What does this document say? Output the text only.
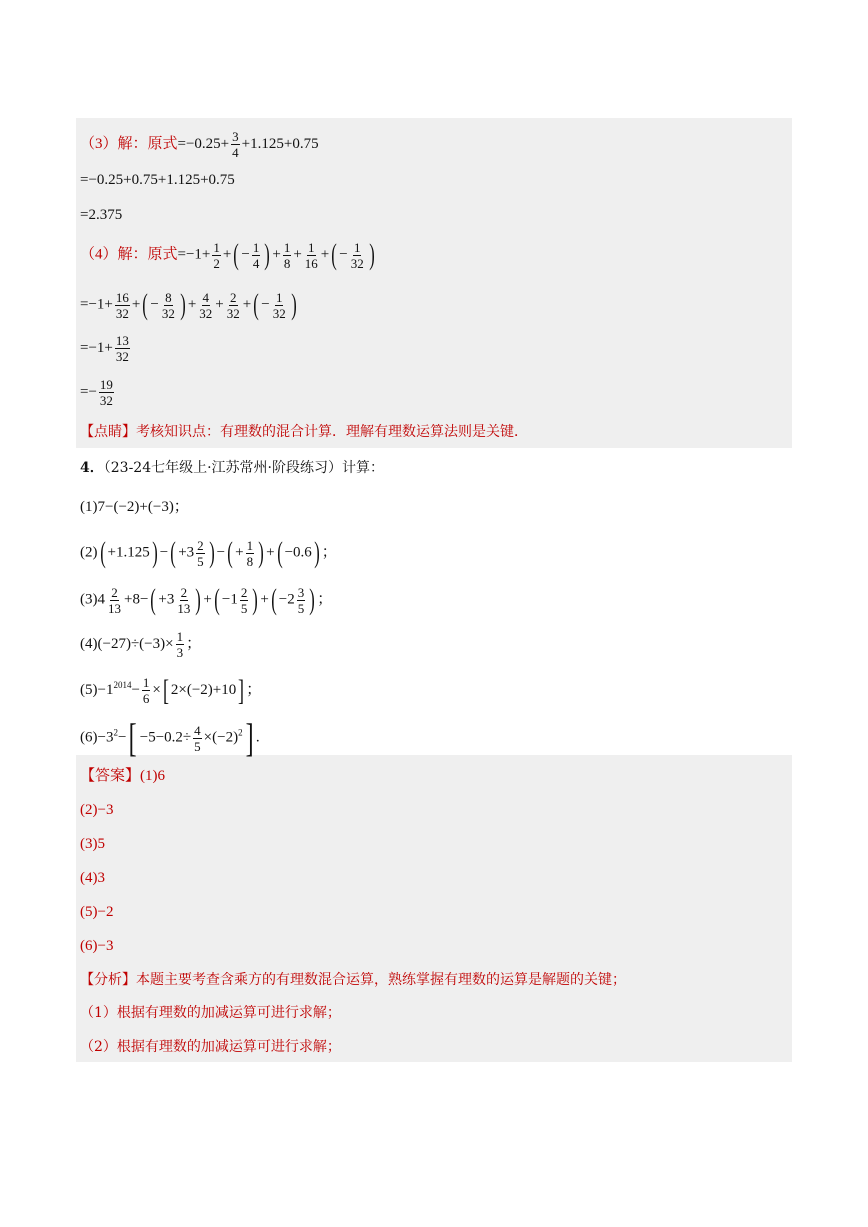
（3）解：原式$=-0.25+ \frac{3}{4} +1.125+0.75$
=−0.25+0.75+1.125+0.75
=2.375
（4）解：原式$=-1+ \frac{1}{2}$ +( − $\frac{1}{4}$ ) + $\frac{1}{8} + \frac{1}{16}$ +( − $\frac{1}{32}$ )
$=-1+ \frac{16}{32}$ +( − $\frac{8}{32}$ ) + $\frac{4}{32} + \frac{2}{32}$ +( − $\frac{1}{32}$ )
$=-1+ \frac{13}{32}$
=− $\frac{19}{32}$
【点睛】考核知识点：有理数的混合计算．理解有理数运算法则是关键．
4．（23-24七年级上·江苏常州·阶段练习）计算：
(1)7−(−2)+(−3)；
(2)( +1.125) −( $+3 \frac{2}{5}$ ) −( + $\frac{1}{8}$ ) +( −0.6) ；
$(3)4 \frac{2}{13} +8-( +3 \frac{2}{13}$ ) +( $-1 \frac{2}{5}$ ) +( $-2 \frac{3}{5}$ ) ；
$(4)(-27)\div(-3)\times \frac{1}{3}$ ；
$(5)-1^{2014}- \frac{1}{6}$ ×[ 2×(−2)+10] ；
$(6)-3^2-[ -5-0.2\div \frac{4}{5} \times(-2)^2]$ .
【答案】(1)6
(2)−3
(3)5
(4)3
(5)−2
(6)−3
【分析】本题主要考查含乘方的有理数混合运算，熟练掌握有理数的运算是解题的关键；
（1）根据有理数的加减运算可进行求解；
（2）根据有理数的加减运算可进行求解；
